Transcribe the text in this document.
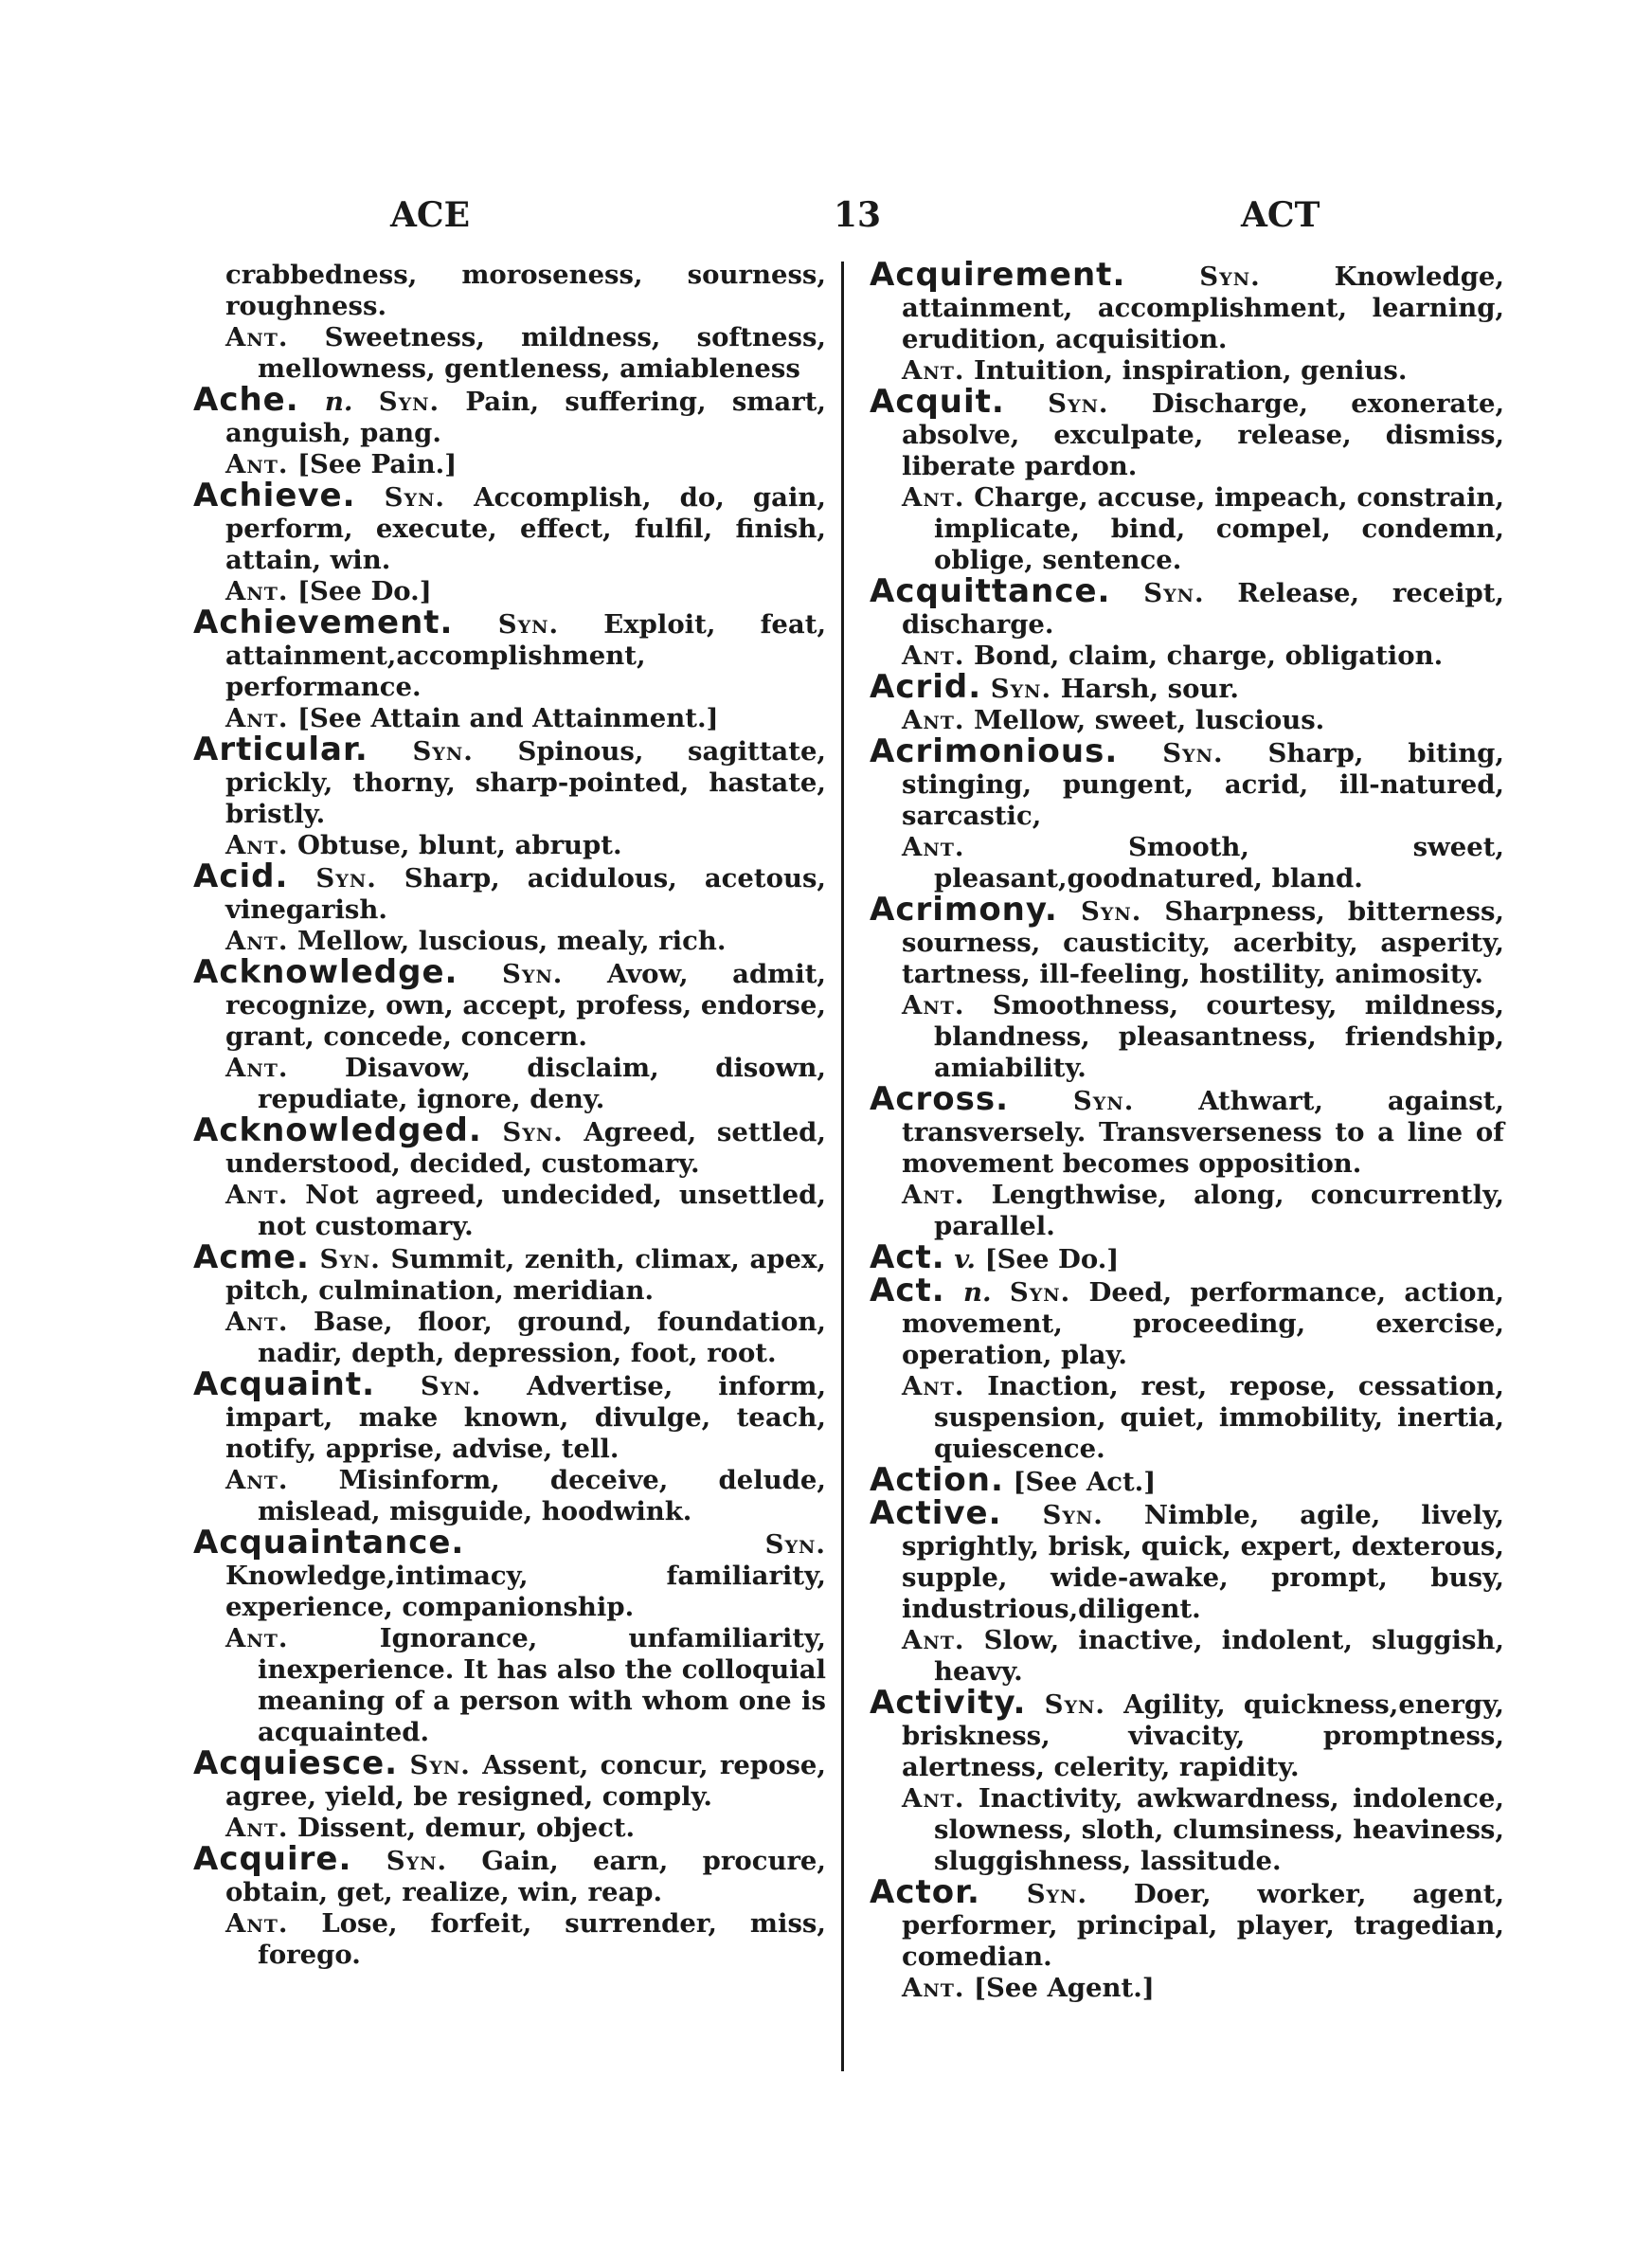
ACE	13	ACT
crabbedness, moroseness, sourness, roughness.
Ant. Sweetness, mildness, softness, mellowness, gentleness, amiableness
Ache. n. Syn. Pain, suffering, smart, anguish, pang.
Ant. [See Pain.]
Achieve. Syn. Accomplish, do, gain, perform, execute, effect, fulfil, finish, attain, win.
Ant. [See Do.]
Achievement. Syn. Exploit, feat, attainment,accomplishment, performance.
Ant. [See Attain and Attainment.]
Articular. Syn. Spinous, sagittate, prickly, thorny, sharp-pointed, hastate, bristly.
Ant. Obtuse, blunt, abrupt.
Acid. Syn. Sharp, acidulous, acetous, vinegarish.
Ant. Mellow, luscious, mealy, rich.
Acknowledge. Syn. Avow, admit, recognize, own, accept, profess, endorse, grant, concede, concern.
Ant. Disavow, disclaim, disown, repudiate, ignore, deny.
Acknowledged. Syn. Agreed, settled, understood, decided, customary.
Ant. Not agreed, undecided, unsettled, not customary.
Acme. Syn. Summit, zenith, climax, apex, pitch, culmination, meridian.
Ant. Base, floor, ground, foundation, nadir, depth, depression, foot, root.
Acquaint. Syn. Advertise, inform, impart, make known, divulge, teach, notify, apprise, advise, tell.
Ant. Misinform, deceive, delude, mislead, misguide, hoodwink.
Acquaintance.	Syn. Knowledge,intimacy, familiarity, experience, companionship.
Ant.	Ignorance, unfamiliarity, inexperience. It has also the colloquial meaning of a person with whom one is acquainted.
Acquiesce. Syn. Assent, concur, repose, agree, yield, be resigned, comply.
Ant. Dissent, demur, object.
Acquire. Syn. Gain, earn, procure, obtain, get, realize, win, reap.
Ant. Lose, forfeit, surrender, miss, forego.
Acquirement.	Syn.	Knowledge, attainment, accomplishment, learning, erudition, acquisition.
Ant. Intuition, inspiration, genius.
Acquit. Syn. Discharge, exonerate, absolve, exculpate, release, dismiss, liberate pardon.
Ant. Charge, accuse, impeach, constrain, implicate, bind, compel, condemn, oblige, sentence.
Acquittance. Syn. Release, receipt, discharge.
Ant. Bond, claim, charge, obligation.
Acrid. Syn. Harsh, sour.
Ant. Mellow, sweet, luscious.
Acrimonious. Syn. Sharp, biting, stinging, pungent, acrid, ill-natured, sarcastic,
Ant.	Smooth, sweet, pleasant,goodnatured, bland.
Acrimony. Syn. Sharpness, bitterness, sourness, causticity, acerbity, asperity, tartness, ill-feeling, hostility, animosity.
Ant. Smoothness, courtesy, mildness, blandness, pleasantness, friendship, amiability.
Across. Syn. Athwart, against, transversely. Transverseness to a line of movement becomes opposition.
Ant. Lengthwise, along, concurrently, parallel.
Act. v. [See Do.]
Act. n. Syn. Deed, performance, action, movement, proceeding, exercise, operation, play.
Ant. Inaction, rest, repose, cessation, suspension, quiet, immobility, inertia, quiescence.
Action. [See Act.]
Active. Syn. Nimble, agile, lively, sprightly, brisk, quick, expert, dexterous, supple, wide-awake, prompt, busy, industrious,diligent.
Ant. Slow, inactive, indolent, sluggish, heavy.
Activity. Syn. Agility, quickness,energy, briskness, vivacity, promptness, alertness, celerity, rapidity.
Ant. Inactivity, awkwardness, indolence, slowness, sloth, clumsiness, heaviness, sluggishness, lassitude.
Actor. Syn. Doer, worker, agent, performer, principal, player, tragedian, comedian.
Ant. [See Agent.]
